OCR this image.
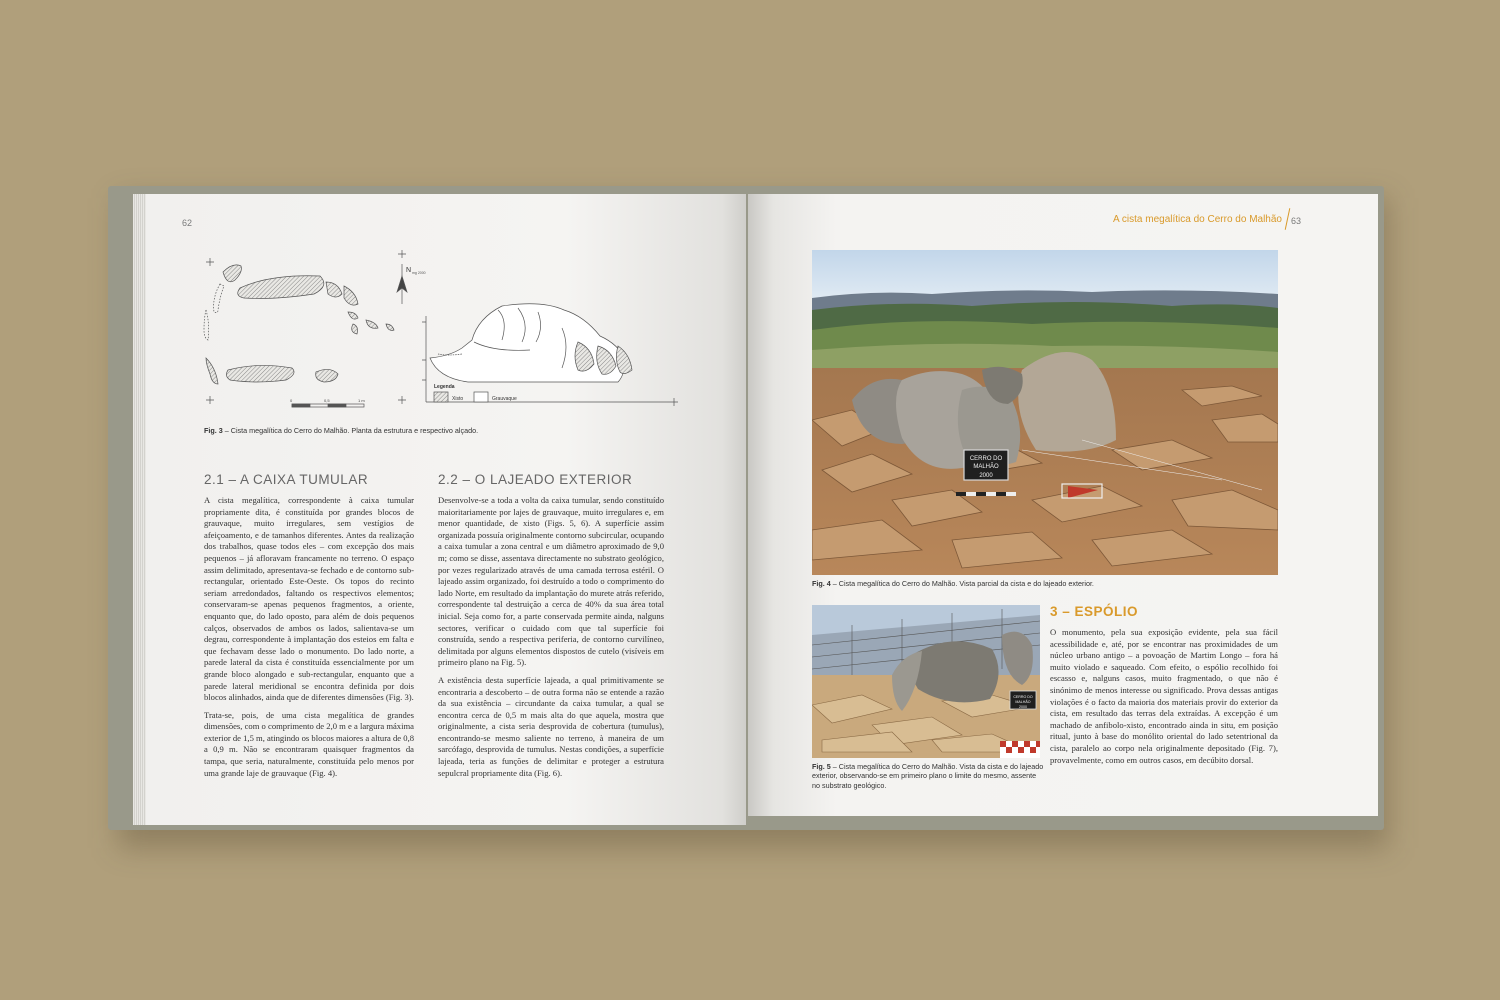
62
N mg 2000
Legenda
Xisto	Grauvaque
0	0,5	1 m
Fig. 3 – Cista megalítica do Cerro do Malhão. Planta da estrutura e respectivo alçado.
2.1 – A CAIXA TUMULAR

A cista megalítica, correspondente à caixa tumular propriamente dita, é constituída por grandes blocos de grauvaque, muito irregulares, sem vestígios de afeiçoamento, e de tamanhos diferentes. Antes da realização dos trabalhos, quase todos eles – com excepção dos mais pequenos – já afloravam francamente no terreno. O espaço assim delimitado, apresentava-se fechado e de contorno sub-rectangular, orientado Este-Oeste. Os topos do recinto seriam arredondados, faltando os respectivos elementos; conservaram-se apenas pequenos fragmentos, a oriente, enquanto que, do lado oposto, para além de dois pequenos calços, observados de ambos os lados, salientava-se um degrau, correspondente à implantação dos esteios em falta e que fechavam desse lado o monumento. Do lado norte, a parede lateral da cista é constituída essencialmente por um grande bloco alongado e sub-rectangular, enquanto que a parede lateral meridional se encontra definida por dois blocos alinhados, ainda que de diferentes dimensões (Fig. 3).

Trata-se, pois, de uma cista megalítica de grandes dimensões, com o comprimento de 2,0 m e a largura máxima exterior de 1,5 m, atingindo os blocos maiores a altura de 0,8 a 0,9 m. Não se encontraram quaisquer fragmentos da tampa, que seria, naturalmente, constituída pelo menos por uma grande laje de grauvaque (Fig. 4).

2.2 – O LAJEADO EXTERIOR

Desenvolve-se a toda a volta da caixa tumular, sendo constituído maioritariamente por lajes de grauvaque, muito irregulares e, em menor quantidade, de xisto (Figs. 5, 6). A superfície assim organizada possuía originalmente contorno subcircular, ocupando a caixa tumular a zona central e um diâmetro aproximado de 9,0 m; como se disse, assentava directamente no substrato geológico, por vezes regularizado através de uma camada terrosa estéril. O lajeado assim organizado, foi destruído a todo o comprimento do lado Norte, em resultado da implantação do murete atrás referido, correspondente tal destruição a cerca de 40% da sua área total inicial. Seja como for, a parte conservada permite ainda, nalguns sectores, verificar o cuidado com que tal superfície foi construída, sendo a respectiva periferia, de contorno curvilíneo, delimitada por alguns elementos dispostos de cutelo (visíveis em primeiro plano na Fig. 5).

A existência desta superfície lajeada, a qual primitivamente se encontraria a descoberto – de outra forma não se entende a razão da sua existência – circundante da caixa tumular, a qual se encontra cerca de 0,5 m mais alta do que aquela, mostra que originalmente, a cista seria desprovida de cobertura (tumulus), encontrando-se mesmo saliente no terreno, à maneira de um sarcófago, desprovida de tumulus. Nestas condições, a superfície lajeada, teria as funções de delimitar e proteger a estrutura sepulcral propriamente dita (Fig. 6).

A cista megalítica do Cerro do Malhão 63
CERRO DO
MALHÃO
2000
Fig. 4 – Cista megalítica do Cerro do Malhão. Vista parcial da cista e do lajeado exterior.
CERRO DO
MALHÃO
2000
Fig. 5 – Cista megalítica do Cerro do Malhão. Vista da cista e do lajeado exterior, observando-se em primeiro plano o limite do mesmo, assente no substrato geológico.
3 – ESPÓLIO

O monumento, pela sua exposição evidente, pela sua fácil acessibilidade e, até, por se encontrar nas proximidades de um núcleo urbano antigo – a povoação de Martim Longo – fora há muito violado e saqueado. Com efeito, o espólio recolhido foi escasso e, nalguns casos, muito fragmentado, o que não é sinónimo de menos interesse ou significado. Prova dessas antigas violações é o facto da maioria dos materiais provir do exterior da cista, em resultado das terras dela extraídas. A excepção é um machado de anfibolo-xisto, encontrado ainda in situ, em posição ritual, junto à base do monólito oriental do lado setentrional da cista, paralelo ao corpo nela originalmente depositado (Fig. 7), provavelmente, como em outros casos, em decúbito dorsal.
